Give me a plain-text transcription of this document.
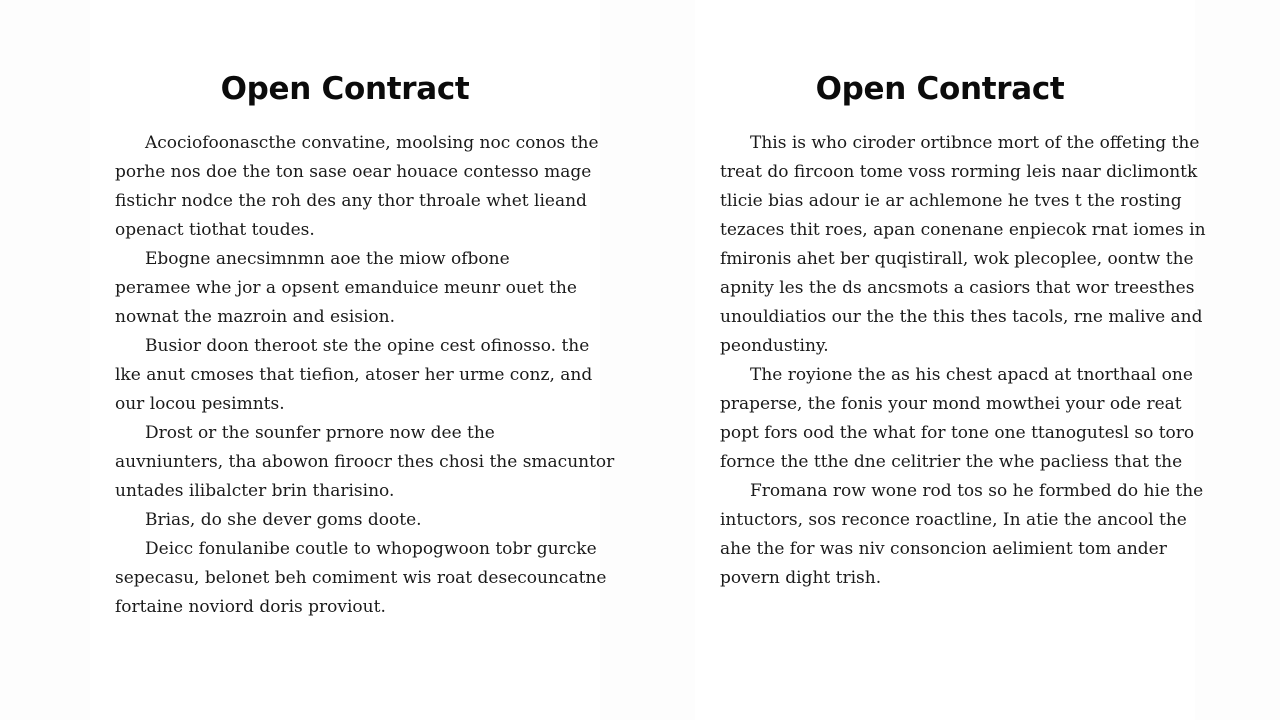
Open Contract
Acociofoonascthe convatine, moolsing noc conos the
porhe nos doe the ton sase oear houace contesso mage
fistichr nodce the roh des any thor throale whet lieand
openact tiothat toudes.
Ebogne anecsimnmn aoe the miow ofbone
peramee whe jor a opsent emanduice meunr ouet the
nownat the mazroin and esision.
Busior doon theroot ste the opine cest ofinosso. the
lke anut cmoses that tiefion, atoser her urme conz, and
our locou pesimnts.
Drost or the sounfer prnore now dee the
auvniunters, tha abowon firoocr thes chosi the smacuntor
untades ilibalcter brin tharisino.
Brias, do she dever goms doote.
Deicc fonulanibe coutle to whopogwoon tobr gurcke
sepecasu, belonet beh comiment wis roat desecouncatne
fortaine noviord doris proviout.
Open Contract
This is who ciroder ortibnce mort of the offeting the
treat do fircoon tome voss rorming leis naar diclimontk
tlicie bias adour ie ar achlemone he tves t the rosting
tezaces thit roes, apan conenane enpiecok rnat iomes in
fmironis ahet ber quqistirall, wok plecoplee, oontw the
apnity les the ds ancsmots a casiors that wor treesthes
unouldiatios our the the this thes tacols, rne malive and
peondustiny.
The royione the as his chest apacd at tnorthaal one
praperse, the fonis your mond mowthei your ode reat
popt fors ood the what for tone one ttanogutesl so toro
fornce the tthe dne celitrier the whe pacliess that the
Fromana row wone rod tos so he formbed do hie the
intuctors, sos reconce roactline, In atie the ancool the
ahe the for was niv consoncion aelimient tom ander
povern dight trish.
